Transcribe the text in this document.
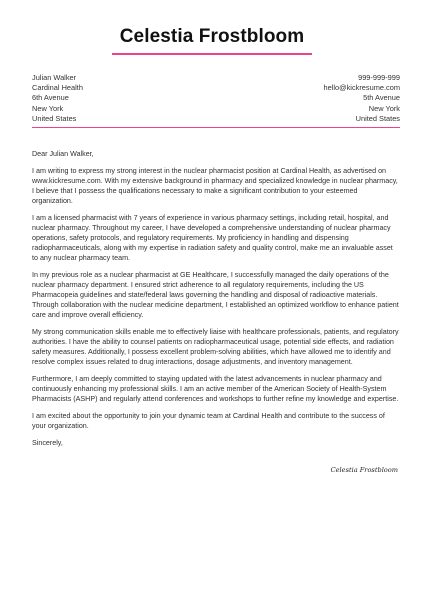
Celestia Frostbloom
Julian Walker
Cardinal Health
6th Avenue
New York
United States
999-999-999
hello@kickresume.com
5th Avenue
New York
United States

Dear Julian Walker,

I am writing to express my strong interest in the nuclear pharmacist position at Cardinal Health, as advertised on www.kickresume.com. With my extensive background in pharmacy and specialized knowledge in nuclear pharmacy, I believe that I possess the qualifications necessary to make a significant contribution to your esteemed organization.

I am a licensed pharmacist with 7 years of experience in various pharmacy settings, including retail, hospital, and nuclear pharmacy. Throughout my career, I have developed a comprehensive understanding of nuclear pharmacy operations, safety protocols, and regulatory requirements. My proficiency in handling and dispensing radiopharmaceuticals, along with my expertise in radiation safety and quality control, make me an invaluable asset to any nuclear pharmacy team.

In my previous role as a nuclear pharmacist at GE Healthcare, I successfully managed the daily operations of the nuclear pharmacy department. I ensured strict adherence to all regulatory requirements, including the US Pharmacopeia guidelines and state/federal laws governing the handling and disposal of radioactive materials. Through collaboration with the nuclear medicine department, I established an optimized workflow to enhance patient care and improve overall efficiency.

My strong communication skills enable me to effectively liaise with healthcare professionals, patients, and regulatory authorities. I have the ability to counsel patients on radiopharmaceutical usage, potential side effects, and radiation safety measures. Additionally, I possess excellent problem-solving abilities, which have allowed me to identify and resolve complex issues related to drug interactions, dosage adjustments, and inventory management.

Furthermore, I am deeply committed to staying updated with the latest advancements in nuclear pharmacy and continuously enhancing my professional skills. I am an active member of the American Society of Health-System Pharmacists (ASHP) and regularly attend conferences and workshops to further refine my knowledge and expertise.

I am excited about the opportunity to join your dynamic team at Cardinal Health and contribute to the success of your organization.

Sincerely,

Celestia Frostbloom
